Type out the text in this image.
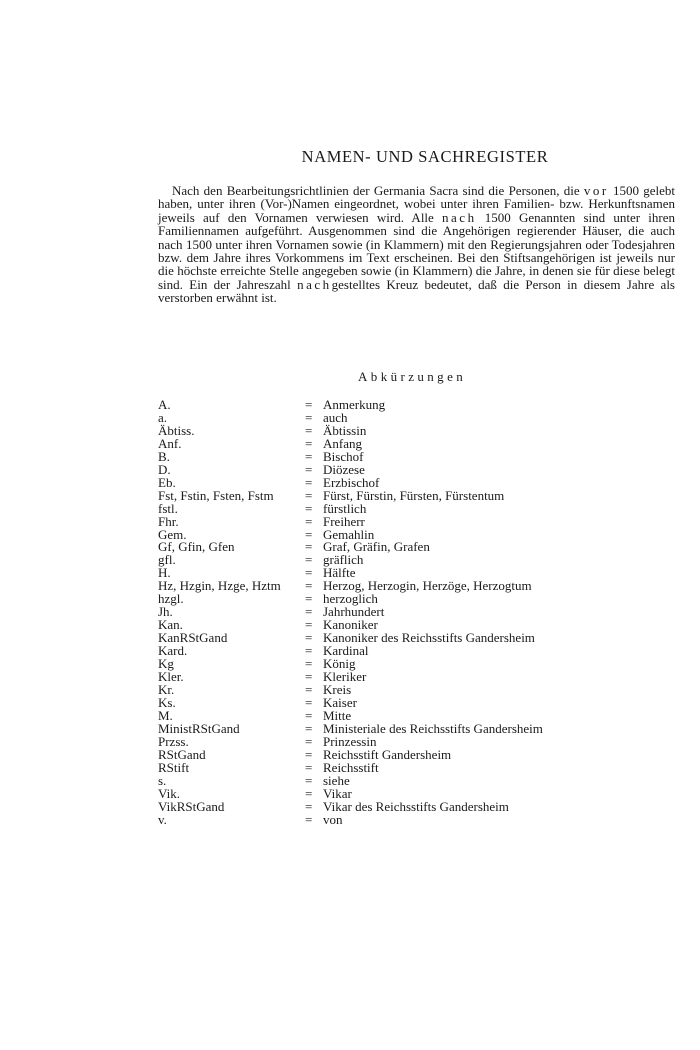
NAMEN- UND SACHREGISTER

Nach den Bearbeitungsrichtlinien der Germania Sacra sind die Personen, die vor 1500 gelebt haben, unter ihren (Vor-)Namen eingeordnet, wobei unter ihren Familien- bzw. Herkunftsnamen jeweils auf den Vornamen verwiesen wird. Alle nach 1500 Genannten sind unter ihren Familiennamen aufgeführt. Ausgenommen sind die Angehörigen regierender Häuser, die auch nach 1500 unter ihren Vornamen sowie (in Klammern) mit den Regierungsjahren oder Todesjahren bzw. dem Jahre ihres Vorkommens im Text erscheinen. Bei den Stiftsangehörigen ist jeweils nur die höchste erreichte Stelle angegeben sowie (in Klammern) die Jahre, in denen sie für diese belegt sind. Ein der Jahreszahl nachgestelltes Kreuz bedeutet, daß die Person in diesem Jahre als verstorben erwähnt ist.

Abkürzungen
A.	=	Anmerkung
a.	=	auch
Äbtiss.	=	Äbtissin
Anf.	=	Anfang
B.	=	Bischof
D.	=	Diözese
Eb.	=	Erzbischof
Fst, Fstin, Fsten, Fstm	=	Fürst, Fürstin, Fürsten, Fürstentum
fstl.	=	fürstlich
Fhr.	=	Freiherr
Gem.	=	Gemahlin
Gf, Gfin, Gfen	=	Graf, Gräfin, Grafen
gfl.	=	gräflich
H.	=	Hälfte
Hz, Hzgin, Hzge, Hztm	=	Herzog, Herzogin, Herzöge, Herzogtum
hzgl.	=	herzoglich
Jh.	=	Jahrhundert
Kan.	=	Kanoniker
KanRStGand	=	Kanoniker des Reichsstifts Gandersheim
Kard.	=	Kardinal
Kg	=	König
Kler.	=	Kleriker
Kr.	=	Kreis
Ks.	=	Kaiser
M.	=	Mitte
MinistRStGand	=	Ministeriale des Reichsstifts Gandersheim
Przss.	=	Prinzessin
RStGand	=	Reichsstift Gandersheim
RStift	=	Reichsstift
s.	=	siehe
Vik.	=	Vikar
VikRStGand	=	Vikar des Reichsstifts Gandersheim
v.	=	von
